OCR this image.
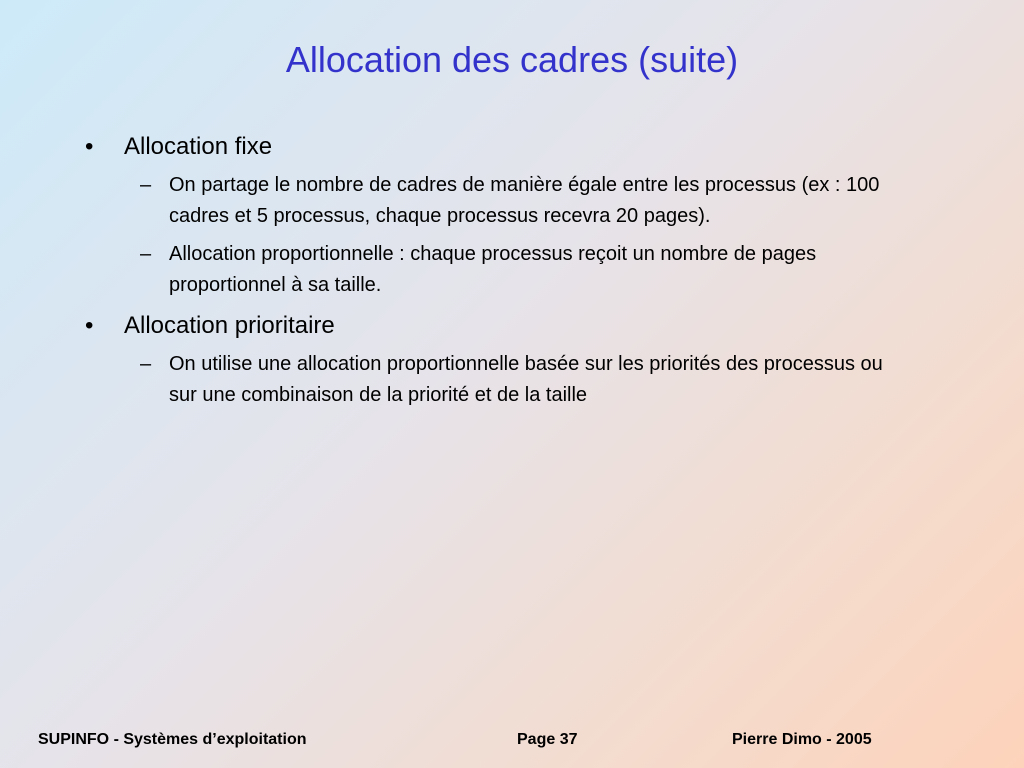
Allocation des cadres (suite)
•	Allocation fixe
– On partage le nombre de cadres de manière égale entre les processus (ex : 100 cadres et 5 processus, chaque processus recevra 20 pages).
– Allocation proportionnelle : chaque processus reçoit un nombre de pages proportionnel à sa taille.
•	Allocation prioritaire
– On utilise une allocation proportionnelle basée sur les priorités des processus ou sur une combinaison de la priorité et de la taille
SUPINFO - Systèmes d’exploitation	Page 37	Pierre Dimo - 2005
